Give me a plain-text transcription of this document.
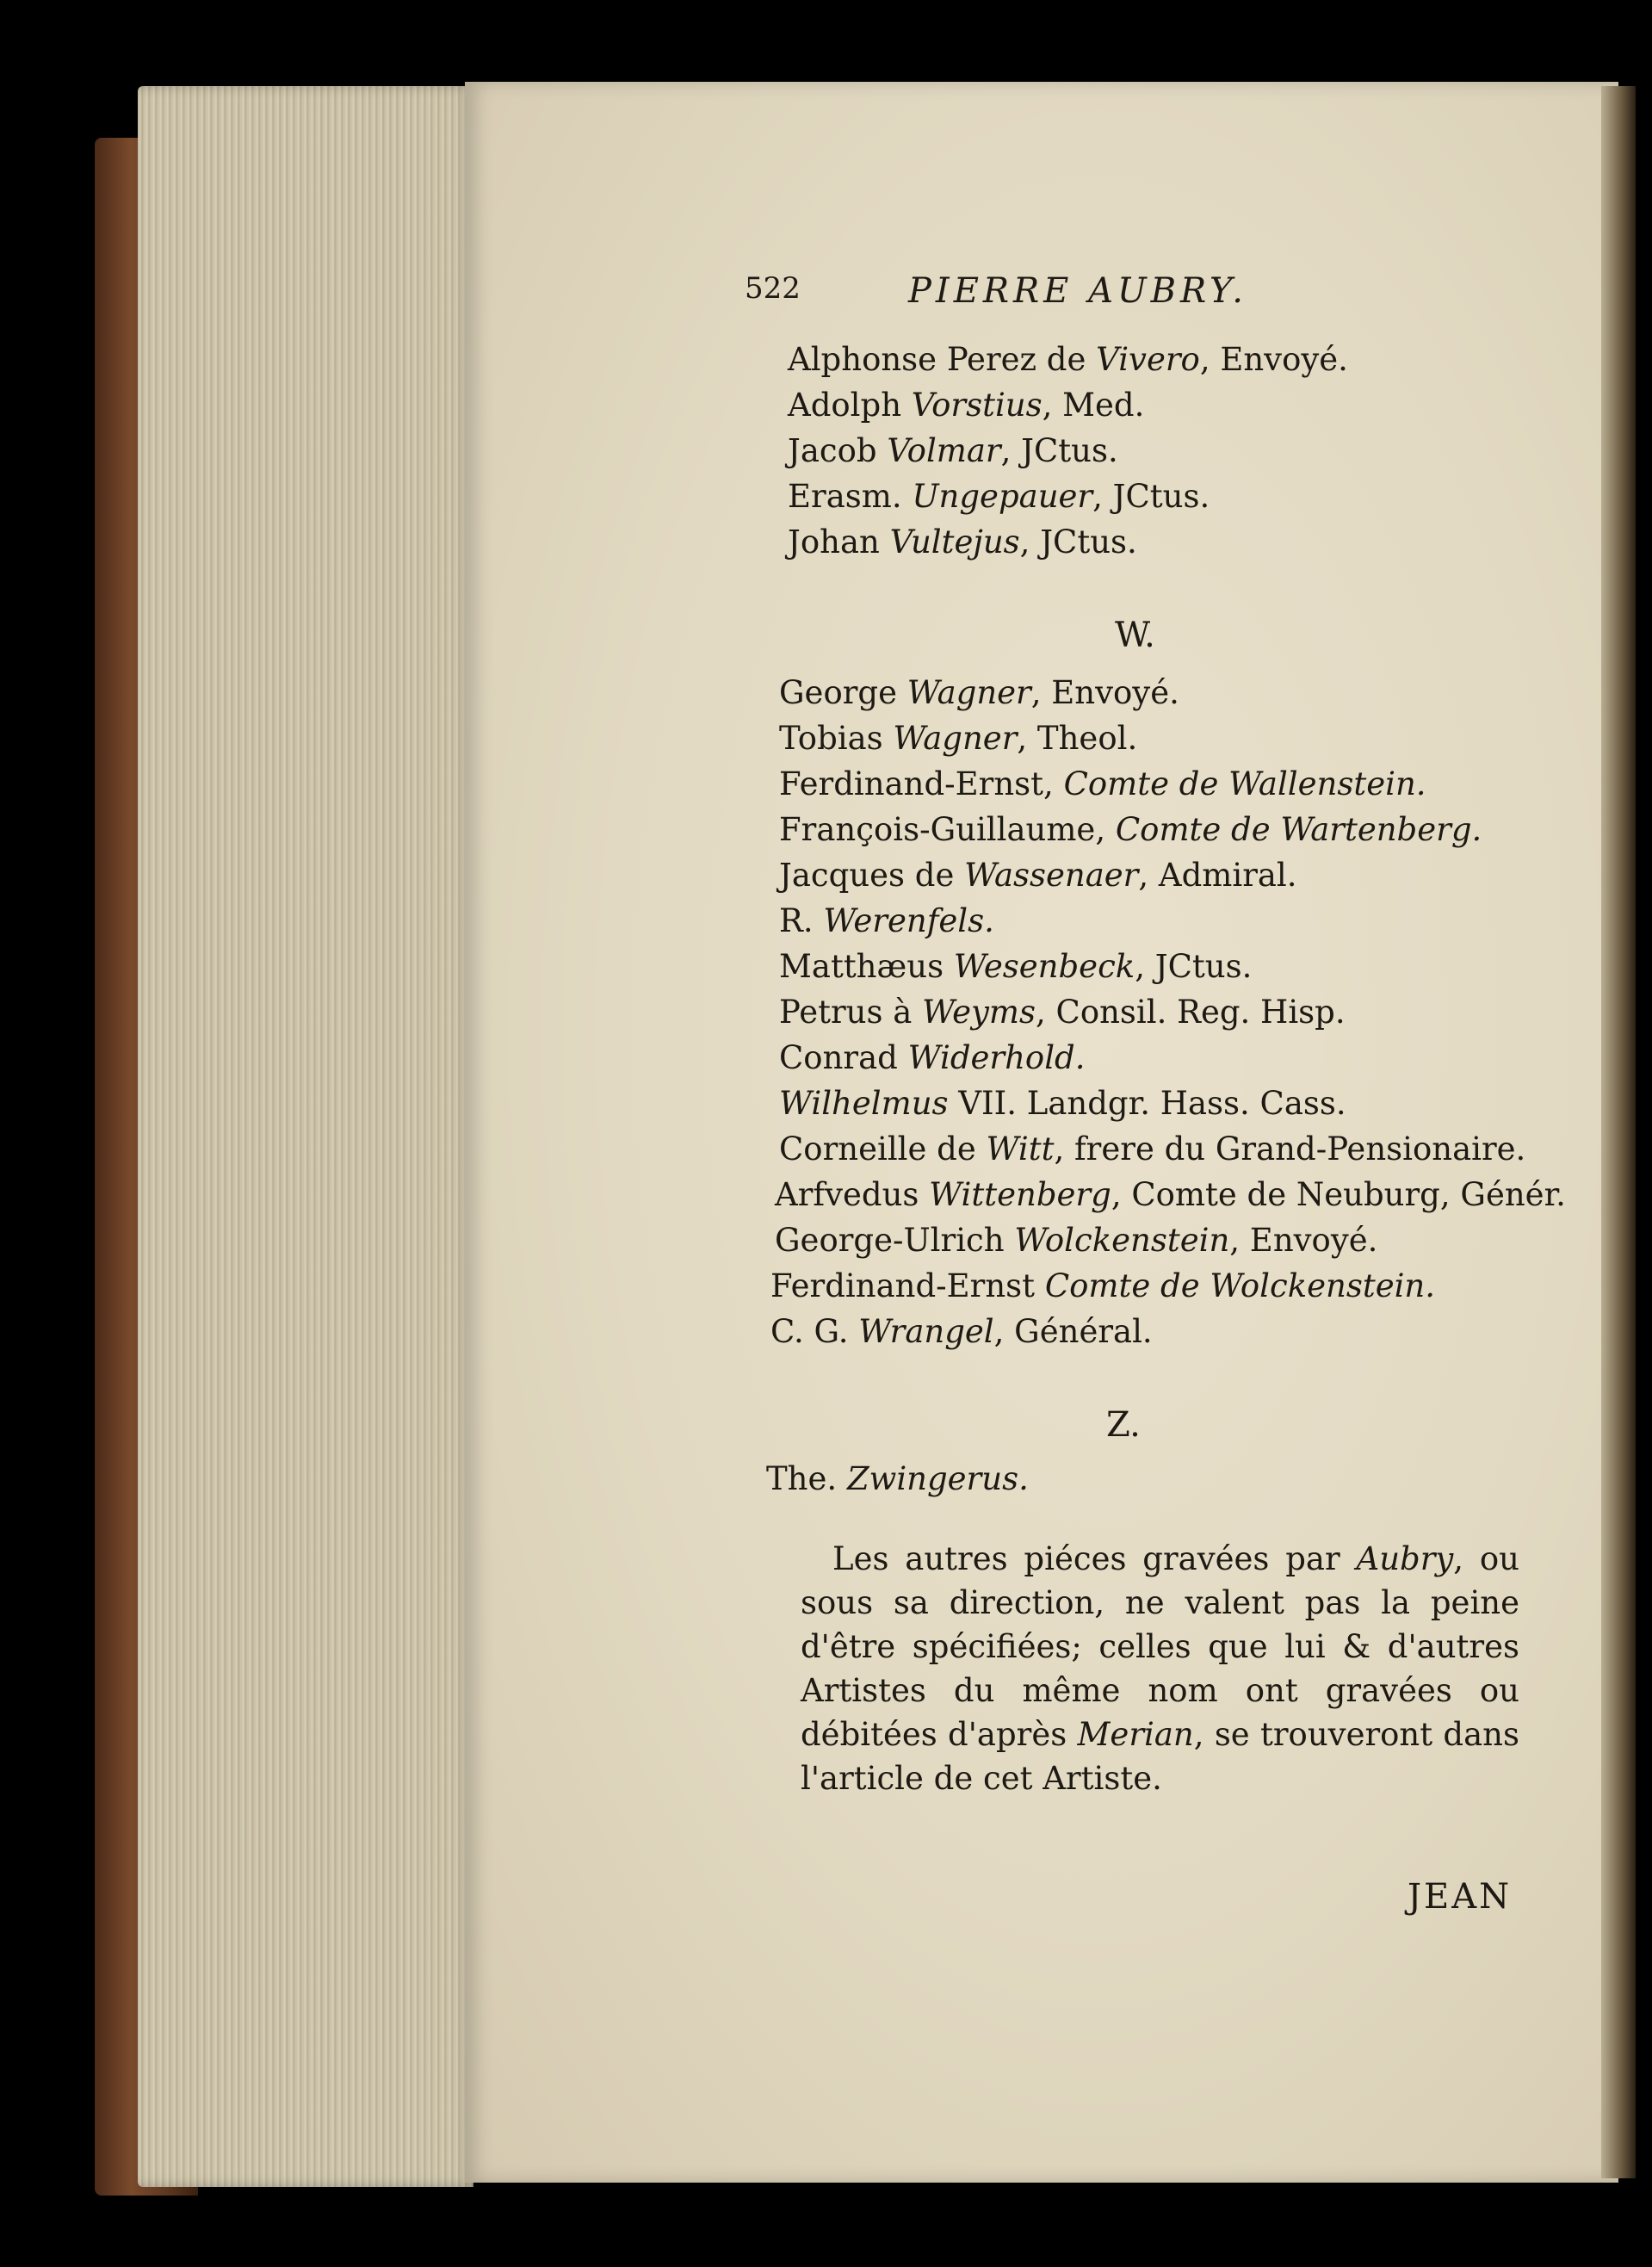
522	PIERRE AUBRY.
Alphonse Perez de Vivero, Envoyé.
Adolph Vorstius, Med.
Jacob Volmar, JCtus.
Erasm. Ungepauer, JCtus.
Johan Vultejus, JCtus.
W.
George Wagner, Envoyé.
Tobias Wagner, Theol.
Ferdinand-Ernst, Comte de Wallenstein.
François-Guillaume, Comte de Wartenberg.
Jacques de Wassenaer, Admiral.
R. Werenfels.
Matthæus Wesenbeck, JCtus.
Petrus à Weyms, Consil. Reg. Hisp.
Conrad Widerhold.
Wilhelmus VII. Landgr. Hass. Cass.
Corneille de Witt, frere du Grand-Pensionaire.
Arfvedus Wittenberg, Comte de Neuburg, Génér.
George-Ulrich Wolckenstein, Envoyé.
Ferdinand-Ernst Comte de Wolckenstein.
C. G. Wrangel, Général.
Z.
The. Zwingerus.
 Les autres piéces gravées par Aubry, ou sous sa direction, ne valent pas la peine d'être spécifiées; celles que lui & d'autres Artistes du même nom ont gravées ou débitées d'après Merian, se trouveront dans l'article de cet Artiste.
JEAN
